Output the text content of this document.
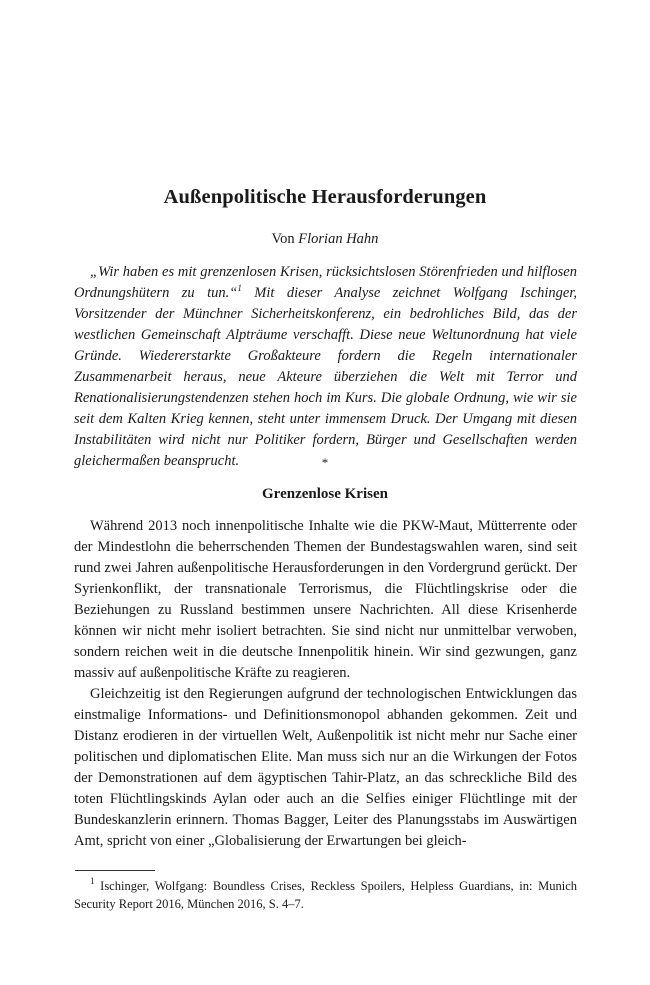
Außenpolitische Herausforderungen
Von Florian Hahn

„Wir haben es mit grenzenlosen Krisen, rücksichtslosen Störenfrieden und hilflosen Ordnungshütern zu tun.“$^1$ Mit dieser Analyse zeichnet Wolfgang Ischinger, Vorsitzender der Münchner Sicherheitskonferenz, ein bedrohliches Bild, das der westlichen Gemeinschaft Alpträume verschafft. Diese neue Weltunordnung hat viele Gründe. Wiedererstarkte Großakteure fordern die Regeln internationaler Zusammenarbeit heraus, neue Akteure überziehen die Welt mit Terror und Renationalisierungstendenzen stehen hoch im Kurs. Die globale Ordnung, wie wir sie seit dem Kalten Krieg kennen, steht unter immensem Druck. Der Umgang mit diesen Instabilitäten wird nicht nur Politiker fordern, Bürger und Gesellschaften werden gleichermaßen beansprucht.	*
Grenzenlose Krisen

Während 2013 noch innenpolitische Inhalte wie die PKW-Maut, Mütterrente oder der Mindestlohn die beherrschenden Themen der Bundestagswahlen waren, sind seit rund zwei Jahren außenpolitische Herausforderungen in den Vordergrund gerückt. Der Syrienkonflikt, der transnationale Terrorismus, die Flüchtlingskrise oder die Beziehungen zu Russland bestimmen unsere Nachrichten. All diese Krisenherde können wir nicht mehr isoliert betrachten. Sie sind nicht nur unmittelbar verwoben, sondern reichen weit in die deutsche Innenpolitik hinein. Wir sind gezwungen, ganz massiv auf außenpolitische Kräfte zu reagieren.

Gleichzeitig ist den Regierungen aufgrund der technologischen Entwicklungen das einstmalige Informations- und Definitionsmonopol abhanden gekommen. Zeit und Distanz erodieren in der virtuellen Welt, Außenpolitik ist nicht mehr nur Sache einer politischen und diplomatischen Elite. Man muss sich nur an die Wirkungen der Fotos der Demonstrationen auf dem ägyptischen Tahir-Platz, an das schreckliche Bild des toten Flüchtlingskinds Aylan oder auch an die Selfies einiger Flüchtlinge mit der Bundeskanzlerin erinnern. Thomas Bagger, Leiter des Planungsstabs im Auswärtigen Amt, spricht von einer „Globalisierung der Erwartungen bei gleich-

$^1$ Ischinger, Wolfgang: Boundless Crises, Reckless Spoilers, Helpless Guardians, in: Munich Security Report 2016, München 2016, S. 4–7.
